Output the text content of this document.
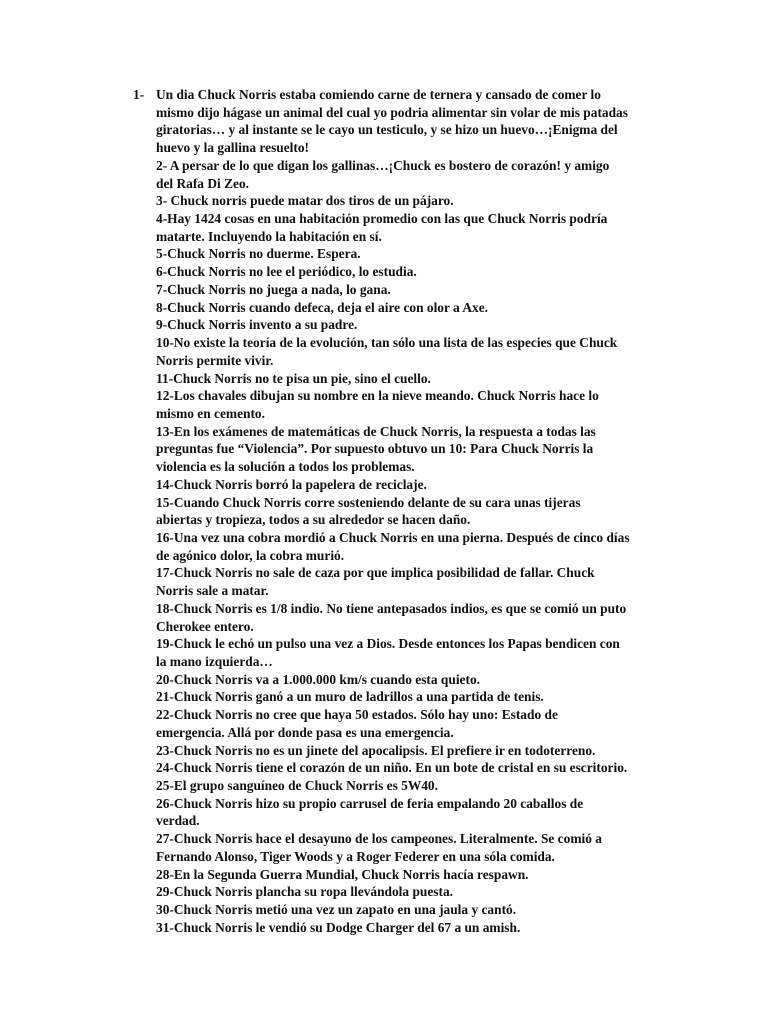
1- Un dia Chuck Norris estaba comiendo carne de ternera y cansado de comer lo
mismo dijo hágase un animal del cual yo podria alimentar sin volar de mis patadas
giratorias… y al instante se le cayo un testiculo, y se hizo un huevo…¡Enigma del
huevo y la gallina resuelto!
2- A persar de lo que digan los gallinas…¡Chuck es bostero de corazón! y amigo
del Rafa Di Zeo.
3- Chuck norris puede matar dos tiros de un pájaro.
4-Hay 1424 cosas en una habitación promedio con las que Chuck Norris podría
matarte. Incluyendo la habitación en sí.
5-Chuck Norris no duerme. Espera.
6-Chuck Norris no lee el periódico, lo estudia.
7-Chuck Norris no juega a nada, lo gana.
8-Chuck Norris cuando defeca, deja el aire con olor a Axe.
9-Chuck Norris invento a su padre.
10-No existe la teoría de la evolución, tan sólo una lista de las especies que Chuck
Norris permite vivir.
11-Chuck Norris no te pisa un pie, sino el cuello.
12-Los chavales dibujan su nombre en la nieve meando. Chuck Norris hace lo
mismo en cemento.
13-En los exámenes de matemáticas de Chuck Norris, la respuesta a todas las
preguntas fue “Violencia”. Por supuesto obtuvo un 10: Para Chuck Norris la
violencia es la solución a todos los problemas.
14-Chuck Norris borró la papelera de reciclaje.
15-Cuando Chuck Norris corre sosteniendo delante de su cara unas tijeras
abiertas y tropieza, todos a su alrededor se hacen daño.
16-Una vez una cobra mordió a Chuck Norris en una pierna. Después de cinco días
de agónico dolor, la cobra murió.
17-Chuck Norris no sale de caza por que implica posibilidad de fallar. Chuck
Norris sale a matar.
18-Chuck Norris es 1/8 indio. No tiene antepasados indios, es que se comió un puto
Cherokee entero.
19-Chuck le echó un pulso una vez a Dios. Desde entonces los Papas bendicen con
la mano izquierda…
20-Chuck Norris va a 1.000.000 km/s cuando esta quieto.
21-Chuck Norris ganó a un muro de ladrillos a una partida de tenis.
22-Chuck Norris no cree que haya 50 estados. Sólo hay uno: Estado de
emergencia. Allá por donde pasa es una emergencia.
23-Chuck Norris no es un jinete del apocalipsis. El prefiere ir en todoterreno.
24-Chuck Norris tiene el corazón de un niño. En un bote de cristal en su escritorio.
25-El grupo sanguíneo de Chuck Norris es 5W40.
26-Chuck Norris hizo su propio carrusel de feria empalando 20 caballos de
verdad.
27-Chuck Norris hace el desayuno de los campeones. Literalmente. Se comió a
Fernando Alonso, Tiger Woods y a Roger Federer en una sóla comida.
28-En la Segunda Guerra Mundial, Chuck Norris hacía respawn.
29-Chuck Norris plancha su ropa llevándola puesta.
30-Chuck Norris metió una vez un zapato en una jaula y cantó.
31-Chuck Norris le vendió su Dodge Charger del 67 a un amish.
